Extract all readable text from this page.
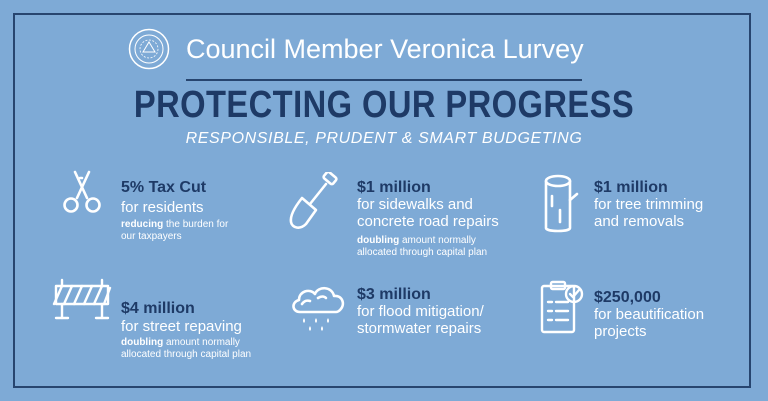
Council Member Veronica Lurvey
PROTECTING OUR PROGRESS
RESPONSIBLE, PRUDENT & SMART BUDGETING
5% Tax Cut
for residents
reducing the burden for
our taxpayers
$1 million
for sidewalks and
concrete road repairs
doubling amount normally
allocated through capital plan
$1 million
for tree trimming
and removals
$4 million
for street repaving
doubling amount normally
allocated through capital plan
$3 million
for flood mitigation/
stormwater repairs
$250,000
for beautification
projects
